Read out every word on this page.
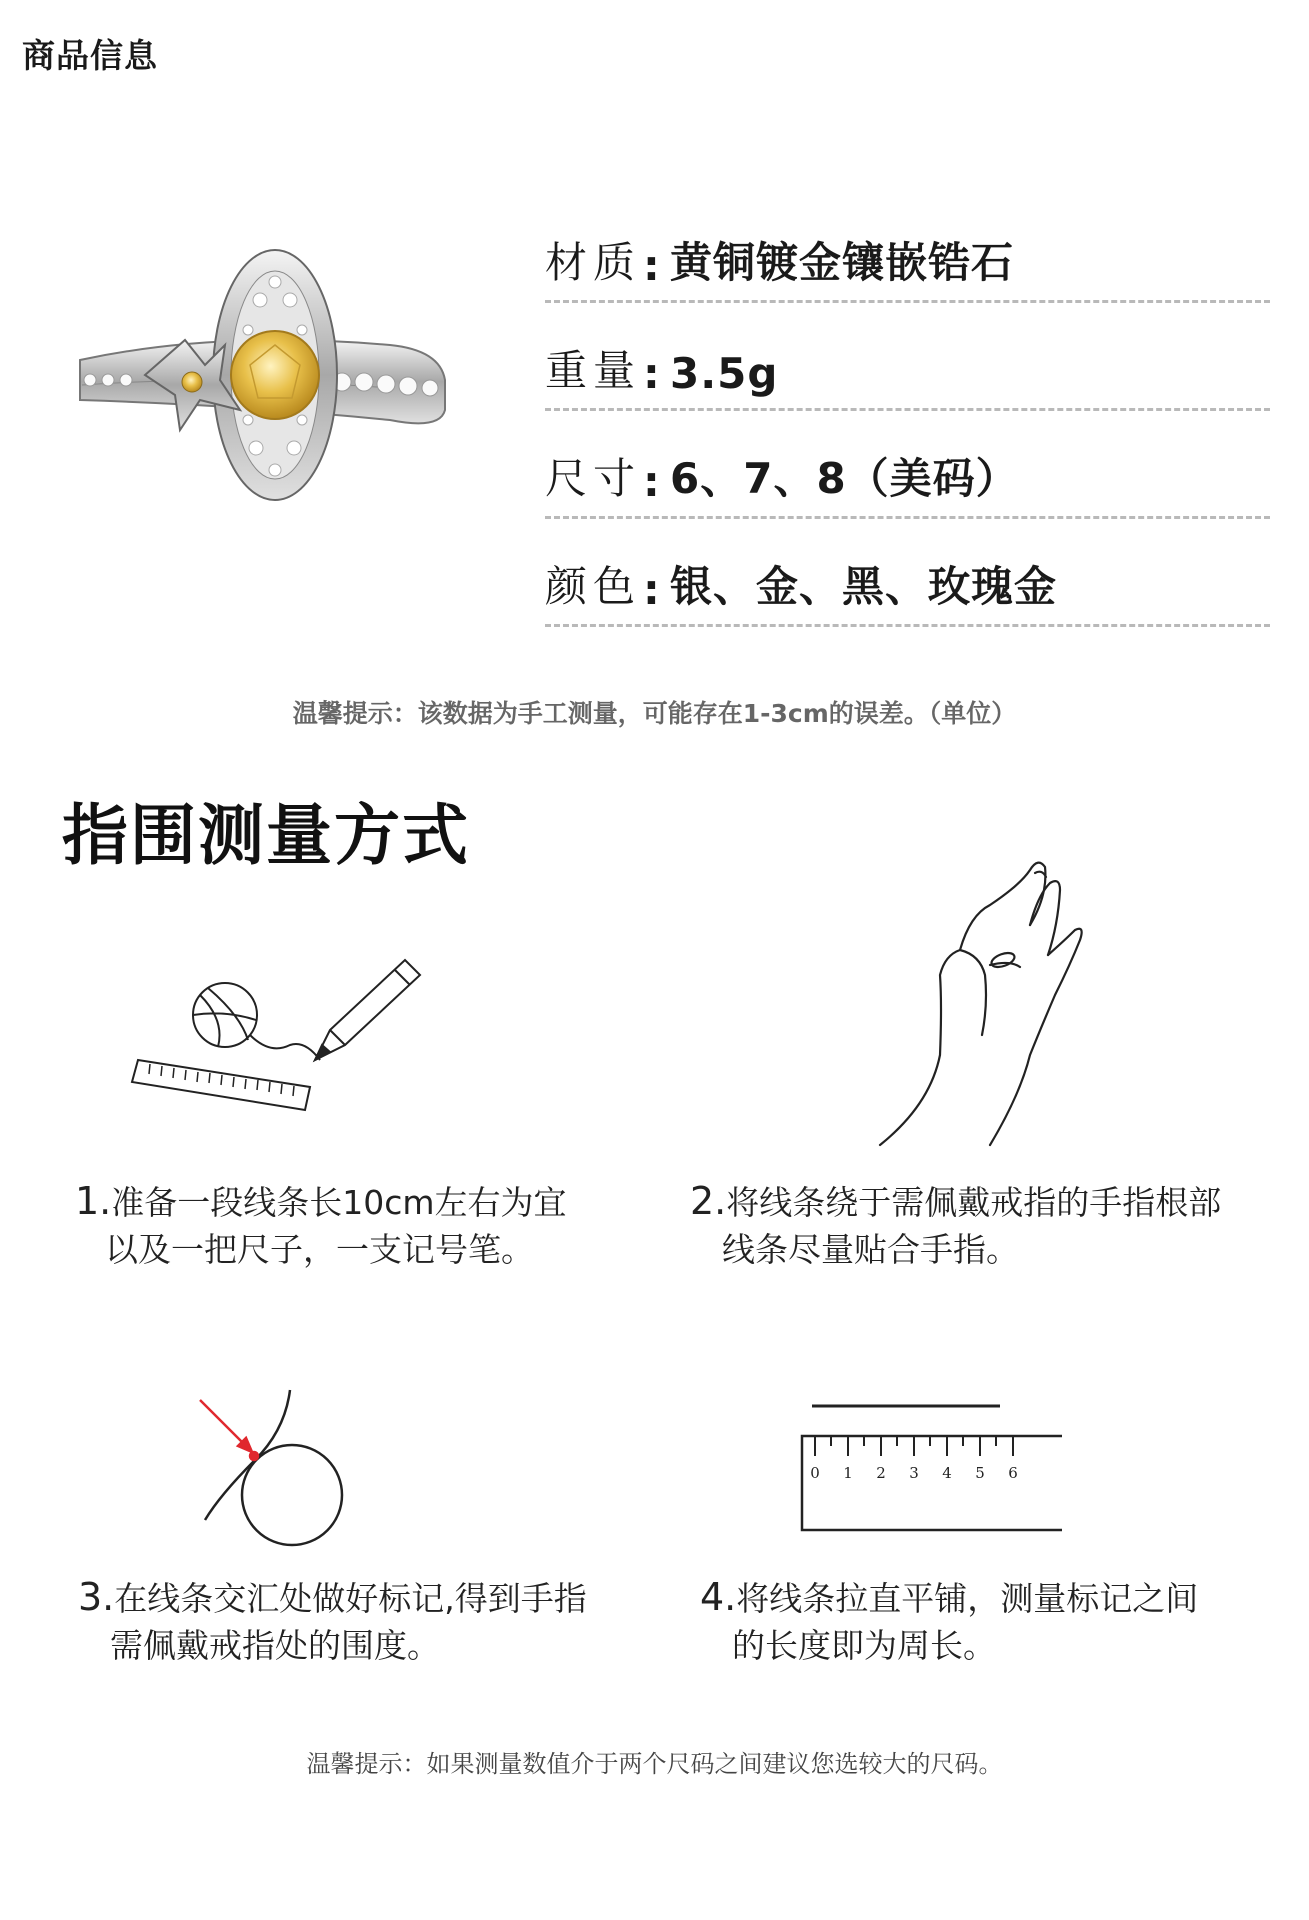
商品信息
材质 : 黄铜镀金镶嵌锆石
重量 : 3.5g
尺寸 : 6、7、8（美码）
颜色 : 银、金、黑、玫瑰金
温馨提示：该数据为手工测量，可能存在1-3cm的误差。（单位）
指围测量方式
1.准备一段线条长10cm左右为宜
以及一把尺子，一支记号笔。
2.将线条绕于需佩戴戒指的手指根部
线条尽量贴合手指。
0 1 2 3 4 5 6
3.在线条交汇处做好标记,得到手指
需佩戴戒指处的围度。
4.将线条拉直平铺，测量标记之间
的长度即为周长。
温馨提示：如果测量数值介于两个尺码之间建议您选较大的尺码。
